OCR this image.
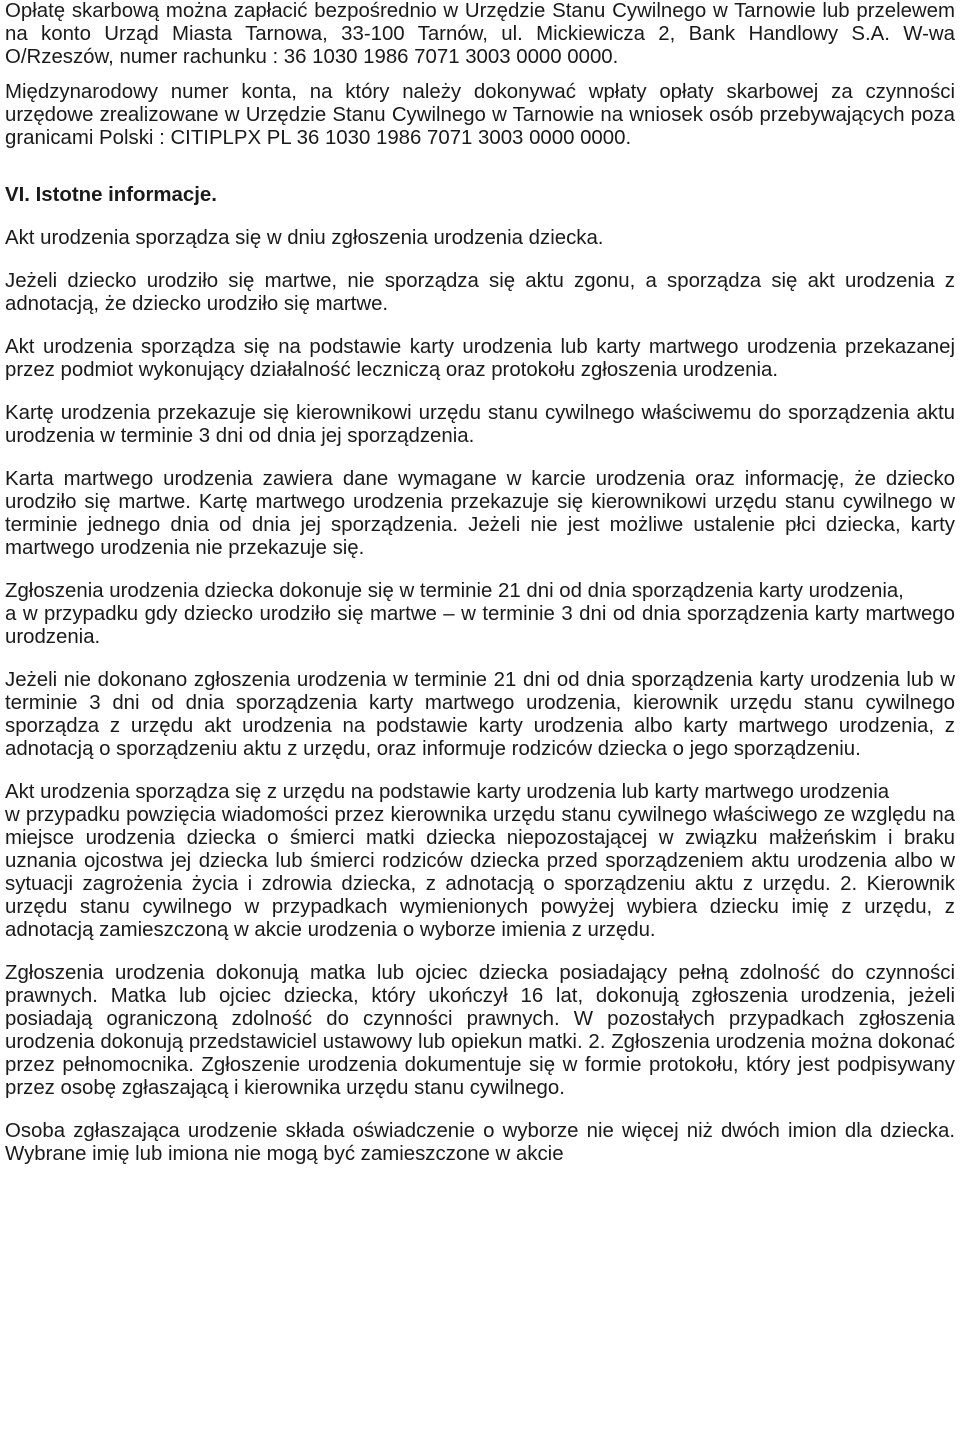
Opłatę skarbową można zapłacić bezpośrednio w Urzędzie Stanu Cywilnego w Tarnowie lub przelewem na konto Urząd Miasta Tarnowa, 33-100 Tarnów, ul. Mickiewicza 2, Bank Handlowy S.A. W-wa O/Rzeszów, numer rachunku : 36 1030 1986 7071 3003 0000 0000.

Międzynarodowy numer konta, na który należy dokonywać wpłaty opłaty skarbowej za czynności urzędowe zrealizowane w Urzędzie Stanu Cywilnego w Tarnowie na wniosek osób przebywających poza granicami Polski : CITIPLPX PL 36 1030 1986 7071 3003 0000 0000.

VI. Istotne informacje.

Akt urodzenia sporządza się w dniu zgłoszenia urodzenia dziecka.

Jeżeli dziecko urodziło się martwe, nie sporządza się aktu zgonu, a sporządza się akt urodzenia z adnotacją, że dziecko urodziło się martwe.

Akt urodzenia sporządza się na podstawie karty urodzenia lub karty martwego urodzenia przekazanej przez podmiot wykonujący działalność leczniczą oraz protokołu zgłoszenia urodzenia.

Kartę urodzenia przekazuje się kierownikowi urzędu stanu cywilnego właściwemu do sporządzenia aktu urodzenia w terminie 3 dni od dnia jej sporządzenia.

Karta martwego urodzenia zawiera dane wymagane w karcie urodzenia oraz informację, że dziecko urodziło się martwe. Kartę martwego urodzenia przekazuje się kierownikowi urzędu stanu cywilnego w terminie jednego dnia od dnia jej sporządzenia. Jeżeli nie jest możliwe ustalenie płci dziecka, karty martwego urodzenia nie przekazuje się.

Zgłoszenia urodzenia dziecka dokonuje się w terminie 21 dni od dnia sporządzenia karty urodzenia,
a w przypadku gdy dziecko urodziło się martwe – w terminie 3 dni od dnia sporządzenia karty martwego urodzenia.

Jeżeli nie dokonano zgłoszenia urodzenia w terminie 21 dni od dnia sporządzenia karty urodzenia lub w terminie 3 dni od dnia sporządzenia karty martwego urodzenia, kierownik urzędu stanu cywilnego sporządza z urzędu akt urodzenia na podstawie karty urodzenia albo karty martwego urodzenia, z adnotacją o sporządzeniu aktu z urzędu, oraz informuje rodziców dziecka o jego sporządzeniu.

Akt urodzenia sporządza się z urzędu na podstawie karty urodzenia lub karty martwego urodzenia
w przypadku powzięcia wiadomości przez kierownika urzędu stanu cywilnego właściwego ze względu na miejsce urodzenia dziecka o śmierci matki dziecka niepozostającej w związku małżeńskim i braku uznania ojcostwa jej dziecka lub śmierci rodziców dziecka przed sporządzeniem aktu urodzenia albo w sytuacji zagrożenia życia i zdrowia dziecka, z adnotacją o sporządzeniu aktu z urzędu. 2. Kierownik urzędu stanu cywilnego w przypadkach wymienionych powyżej wybiera dziecku imię z urzędu, z adnotacją zamieszczoną w akcie urodzenia o wyborze imienia z urzędu.

Zgłoszenia urodzenia dokonują matka lub ojciec dziecka posiadający pełną zdolność do czynności prawnych. Matka lub ojciec dziecka, który ukończył 16 lat, dokonują zgłoszenia urodzenia, jeżeli posiadają ograniczoną zdolność do czynności prawnych. W pozostałych przypadkach zgłoszenia urodzenia dokonują przedstawiciel ustawowy lub opiekun matki. 2. Zgłoszenia urodzenia można dokonać przez pełnomocnika. Zgłoszenie urodzenia dokumentuje się w formie protokołu, który jest podpisywany przez osobę zgłaszającą i kierownika urzędu stanu cywilnego.

Osoba zgłaszająca urodzenie składa oświadczenie o wyborze nie więcej niż dwóch imion dla dziecka. Wybrane imię lub imiona nie mogą być zamieszczone w akcie
